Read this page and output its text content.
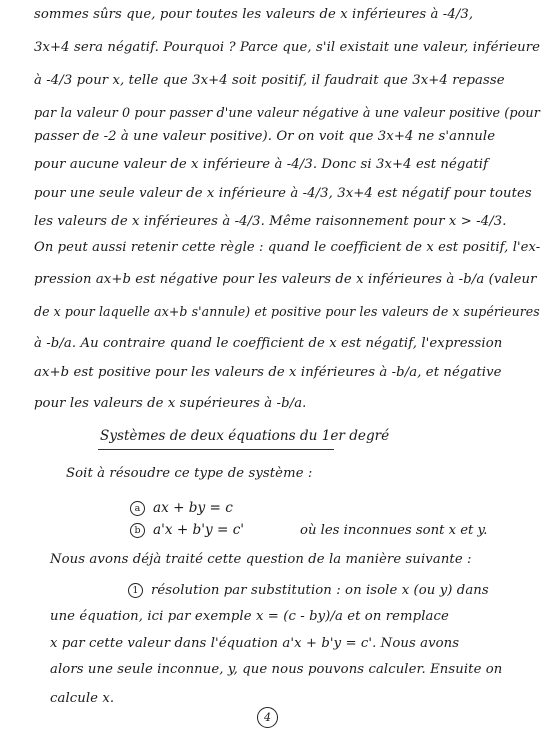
sommes sûrs que, pour toutes les valeurs de x inférieures à -4/3,
3x+4 sera négatif. Pourquoi ? Parce que, s'il existait une valeur, inférieure
à -4/3 pour x, telle que 3x+4 soit positif, il faudrait que 3x+4 repasse
par la valeur 0 pour passer d'une valeur négative à une valeur positive (pour
passer de -2 à une valeur positive). Or on voit que 3x+4 ne s'annule
pour aucune valeur de x inférieure à -4/3. Donc si 3x+4 est négatif
pour une seule valeur de x inférieure à -4/3, 3x+4 est négatif pour toutes
les valeurs de x inférieures à -4/3. Même raisonnement pour x > -4/3.
On peut aussi retenir cette règle : quand le coefficient de x est positif, l'ex-
pression ax+b est négative pour les valeurs de x inférieures à -b/a (valeur
de x pour laquelle ax+b s'annule) et positive pour les valeurs de x supérieures
à -b/a. Au contraire quand le coefficient de x est négatif, l'expression
ax+b est positive pour les valeurs de x inférieures à -b/a, et négative
pour les valeurs de x supérieures à -b/a.
Systèmes de deux équations du 1er degré
Soit à résoudre ce type de système :
a ax + by = c
b a'x + b'y = c'	où les inconnues sont x et y.
Nous avons déjà traité cette question de la manière suivante :
1 résolution par substitution : on isole x (ou y) dans
une équation, ici par exemple x = (c - by)/a et on remplace
x par cette valeur dans l'équation a'x + b'y = c'. Nous avons
alors une seule inconnue, y, que nous pouvons calculer. Ensuite on
calcule x.
4
